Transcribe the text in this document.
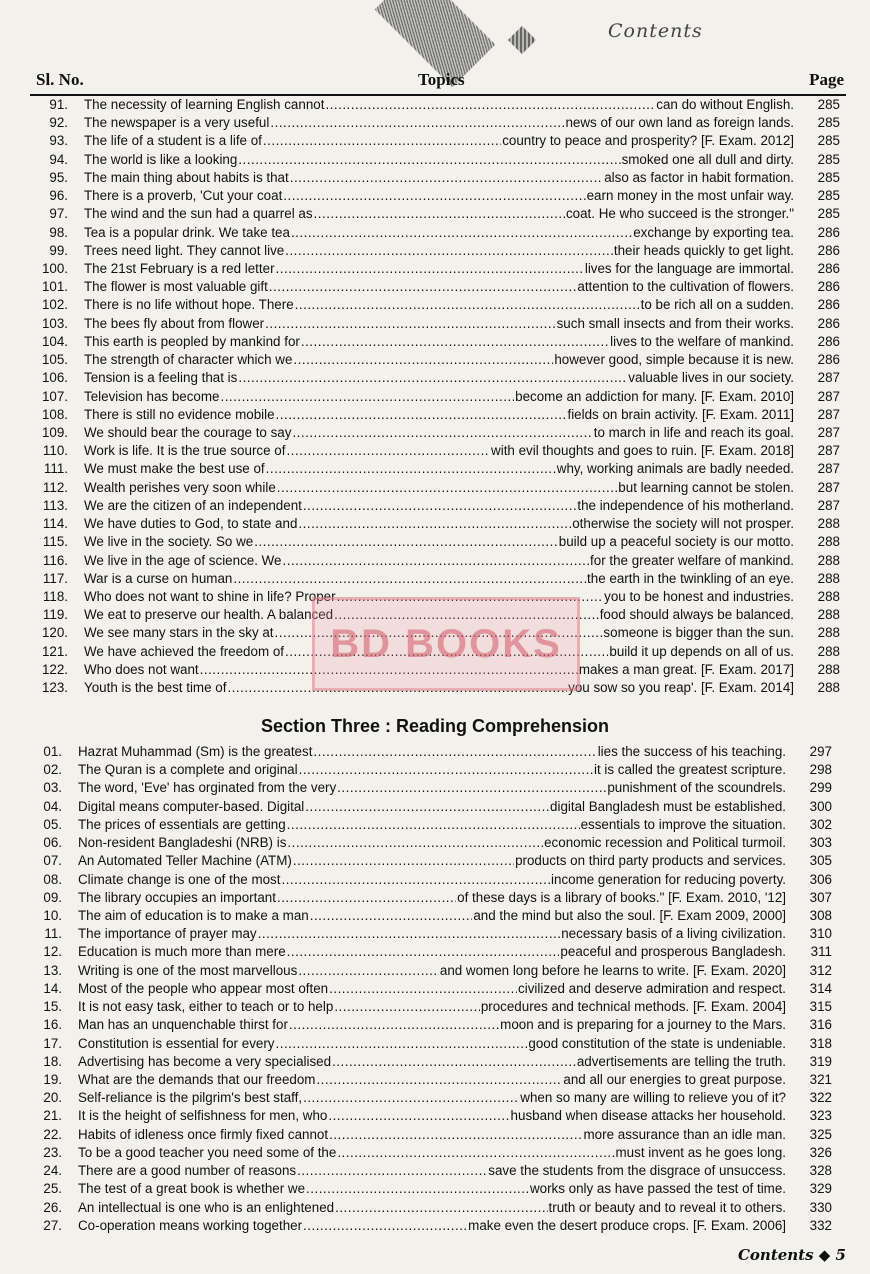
Contents
Sl. No.	Topics	Page
91. The necessity of learning English cannot .....	can do without English.	285
92. The newspaper is a very useful .....	news of our own land as foreign lands.	285
93. The life of a student is a life of .....	country to peace and prosperity? [F. Exam. 2012]	285
94. The world is like a looking .....	smoked one all dull and dirty.	285
95. The main thing about habits is that .....	also as factor in habit formation.	285
96. There is a proverb, 'Cut your coat .....	earn money in the most unfair way.	285
97. The wind and the sun had a quarrel as .....	coat. He who succeed is the stronger."	285
98. Tea is a popular drink. We take tea .....	exchange by exporting tea.	286
99. Trees need light. They cannot live .....	their heads quickly to get light.	286
100. The 21st February is a red letter .....	lives for the language are immortal.	286
101. The flower is most valuable gift .....	attention to the cultivation of flowers.	286
102. There is no life without hope. There .....	to be rich all on a sudden.	286
103. The bees fly about from flower .....	such small insects and from their works.	286
104. This earth is peopled by mankind for .....	lives to the welfare of mankind.	286
105. The strength of character which we .....	however good, simple because it is new.	286
106. Tension is a feeling that is .....	valuable lives in our society.	287
107. Television has become .....	become an addiction for many. [F. Exam. 2010]	287
108. There is still no evidence mobile .....	fields on brain activity. [F. Exam. 2011]	287
109. We should bear the courage to say .....	to march in life and reach its goal.	287
110. Work is life. It is the true source of .....	with evil thoughts and goes to ruin. [F. Exam. 2018]	287
111. We must make the best use of .....	why, working animals are badly needed.	287
112. Wealth perishes very soon while .....	but learning cannot be stolen.	287
113. We are the citizen of an independent .....	the independence of his motherland.	287
114. We have duties to God, to state and .....	otherwise the society will not prosper.	288
115. We live in the society. So we .....	build up a peaceful society is our motto.	288
116. We live in the age of science. We .....	for the greater welfare of mankind.	288
117. War is a curse on human .....	the earth in the twinkling of an eye.	288
118. Who does not want to shine in life? Proper .....	you to be honest and industries.	288
119. We eat to preserve our health. A balanced .....	food should always be balanced.	288
120. We see many stars in the sky at .....	someone is bigger than the sun.	288
121. We have achieved the freedom of .....	build it up depends on all of us.	288
122. Who does not want .....	makes a man great. [F. Exam. 2017]	288
123. Youth is the best time of .....	you sow so you reap'. [F. Exam. 2014]	288
Section Three : Reading Comprehension
01. Hazrat Muhammad (Sm) is the greatest .....	lies the success of his teaching.	297
02. The Quran is a complete and original .....	it is called the greatest scripture.	298
03. The word, 'Eve' has orginated from the very .....	punishment of the scoundrels.	299
04. Digital means computer-based. Digital .....	digital Bangladesh must be established.	300
05. The prices of essentials are getting .....	essentials to improve the situation.	302
06. Non-resident Bangladeshi (NRB) is .....	economic recession and Political turmoil.	303
07. An Automated Teller Machine (ATM) .....	products on third party products and services.	305
08. Climate change is one of the most .....	income generation for reducing poverty.	306
09. The library occupies an important .....	of these days is a library of books." [F. Exam. 2010, '12]	307
10. The aim of education is to make a man .....	and the mind but also the soul. [F. Exam 2009, 2000]	308
11. The importance of prayer may .....	necessary basis of a living civilization.	310
12. Education is much more than mere .....	peaceful and prosperous Bangladesh.	311
13. Writing is one of the most marvellous .....	and women long before he learns to write. [F. Exam. 2020]	312
14. Most of the people who appear most often .....	civilized and deserve admiration and respect.	314
15. It is not easy task, either to teach or to help .....	procedures and technical methods. [F. Exam. 2004]	315
16. Man has an unquenchable thirst for .....	moon and is preparing for a journey to the Mars.	316
17. Constitution is essential for every .....	good constitution of the state is undeniable.	318
18. Advertising has become a very specialised .....	advertisements are telling the truth.	319
19. What are the demands that our freedom .....	and all our energies to great purpose.	321
20. Self-reliance is the pilgrim's best staff, .....	when so many are willing to relieve you of it?	322
21. It is the height of selfishness for men, who .....	husband when disease attacks her household.	323
22. Habits of idleness once firmly fixed cannot .....	more assurance than an idle man.	325
23. To be a good teacher you need some of the .....	must invent as he goes long.	326
24. There are a good number of reasons .....	save the students from the disgrace of unsuccess.	328
25. The test of a great book is whether we .....	works only as have passed the test of time.	329
26. An intellectual is one who is an enlightened .....	truth or beauty and to reveal it to others.	330
27. Co-operation means working together .....	make even the desert produce crops. [F. Exam. 2006]	332
BD BOOKS
Contents ◆ 5
